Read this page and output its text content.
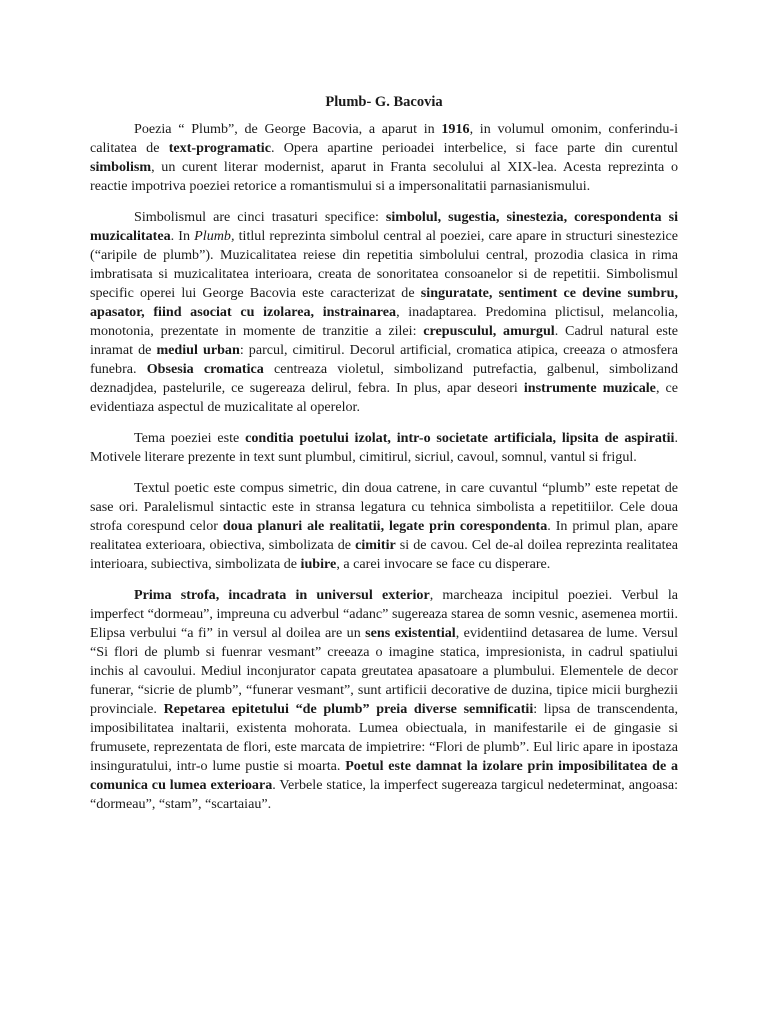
Plumb- G. Bacovia

Poezia “ Plumb”, de George Bacovia, a aparut in 1916, in volumul omonim, conferindu-i calitatea de text-programatic. Opera apartine perioadei interbelice, si face parte din curentul simbolism, un curent literar modernist, aparut in Franta secolului al XIX-lea. Acesta reprezinta o reactie impotriva poeziei retorice a romantismului si a impersonalitatii parnasianismului.

Simbolismul are cinci trasaturi specifice: simbolul, sugestia, sinestezia, corespondenta si muzicalitatea. In Plumb, titlul reprezinta simbolul central al poeziei, care apare in structuri sinestezice (“aripile de plumb”). Muzicalitatea reiese din repetitia simbolului central, prozodia clasica in rima imbratisata si muzicalitatea interioara, creata de sonoritatea consoanelor si de repetitii. Simbolismul specific operei lui George Bacovia este caracterizat de singuratate, sentiment ce devine sumbru, apasator, fiind asociat cu izolarea, instrainarea, inadaptarea. Predomina plictisul, melancolia, monotonia, prezentate in momente de tranzitie a zilei: crepusculul, amurgul. Cadrul natural este inramat de mediul urban: parcul, cimitirul. Decorul artificial, cromatica atipica, creeaza o atmosfera funebra. Obsesia cromatica centreaza violetul, simbolizand putrefactia, galbenul, simbolizand deznadjdea, pastelurile, ce sugereaza delirul, febra. In plus, apar deseori instrumente muzicale, ce evidentiaza aspectul de muzicalitate al operelor.

Tema poeziei este conditia poetului izolat, intr-o societate artificiala, lipsita de aspiratii. Motivele literare prezente in text sunt plumbul, cimitirul, sicriul, cavoul, somnul, vantul si frigul.

Textul poetic este compus simetric, din doua catrene, in care cuvantul “plumb” este repetat de sase ori. Paralelismul sintactic este in stransa legatura cu tehnica simbolista a repetitiilor. Cele doua strofa corespund celor doua planuri ale realitatii, legate prin corespondenta. In primul plan, apare realitatea exterioara, obiectiva, simbolizata de cimitir si de cavou. Cel de-al doilea reprezinta realitatea interioara, subiectiva, simbolizata de iubire, a carei invocare se face cu disperare.

Prima strofa, incadrata in universul exterior, marcheaza incipitul poeziei. Verbul la imperfect “dormeau”, impreuna cu adverbul “adanc” sugereaza starea de somn vesnic, asemenea mortii. Elipsa verbului “a fi” in versul al doilea are un sens existential, evidentiind detasarea de lume. Versul “Si flori de plumb si fuenrar vesmant” creeaza o imagine statica, impresionista, in cadrul spatiului inchis al cavoului. Mediul inconjurator capata greutatea apasatoare a plumbului. Elementele de decor funerar, “sicrie de plumb”, “funerar vesmant”, sunt artificii decorative de duzina, tipice micii burghezii provinciale. Repetarea epitetului “de plumb” preia diverse semnificatii: lipsa de transcendenta, imposibilitatea inaltarii, existenta mohorata. Lumea obiectuala, in manifestarile ei de gingasie si frumusete, reprezentata de flori, este marcata de impietrire: “Flori de plumb”. Eul liric apare in ipostaza insinguratului, intr-o lume pustie si moarta. Poetul este damnat la izolare prin imposibilitatea de a comunica cu lumea exterioara. Verbele statice, la imperfect sugereaza targicul nedeterminat, angoasa: “dormeau”, “stam”, “scartaiau”.
